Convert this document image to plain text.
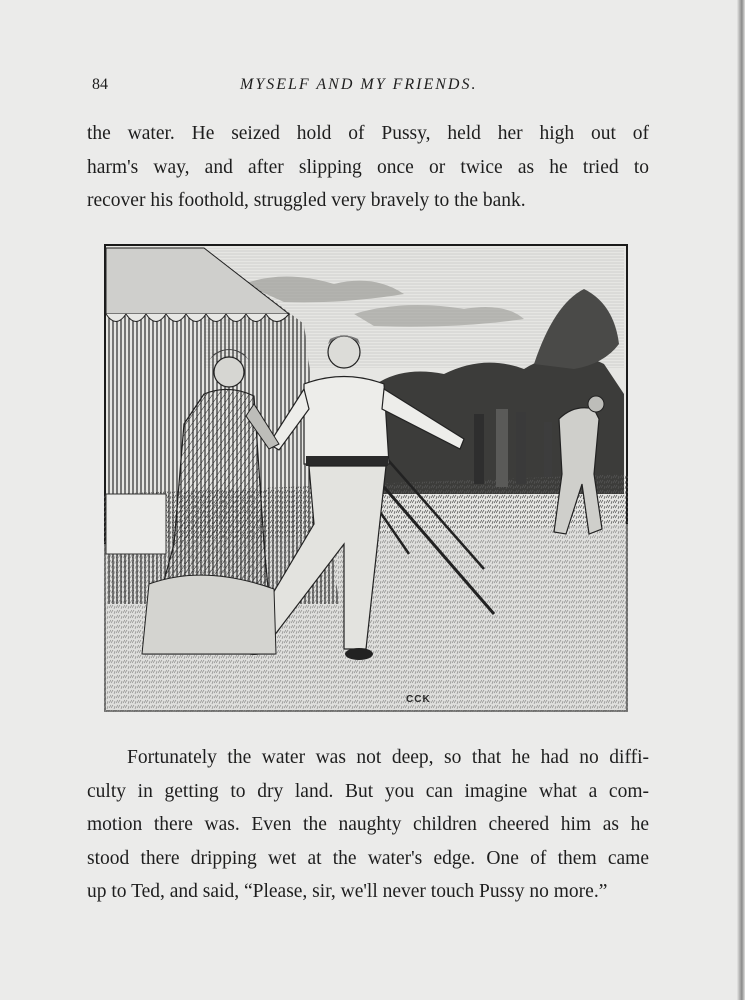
84	MYSELF AND MY FRIENDS.
the water. He seized hold of Pussy, held her high out of
harm's way, and after slipping once or twice as he tried to
recover his foothold, struggled very bravely to the bank.
CCK
Fortunately the water was not deep, so that he had no diffi-
culty in getting to dry land. But you can imagine what a com-
motion there was. Even the naughty children cheered him as he
stood there dripping wet at the water's edge. One of them came
up to Ted, and said, “Please, sir, we'll never touch Pussy no more.”
